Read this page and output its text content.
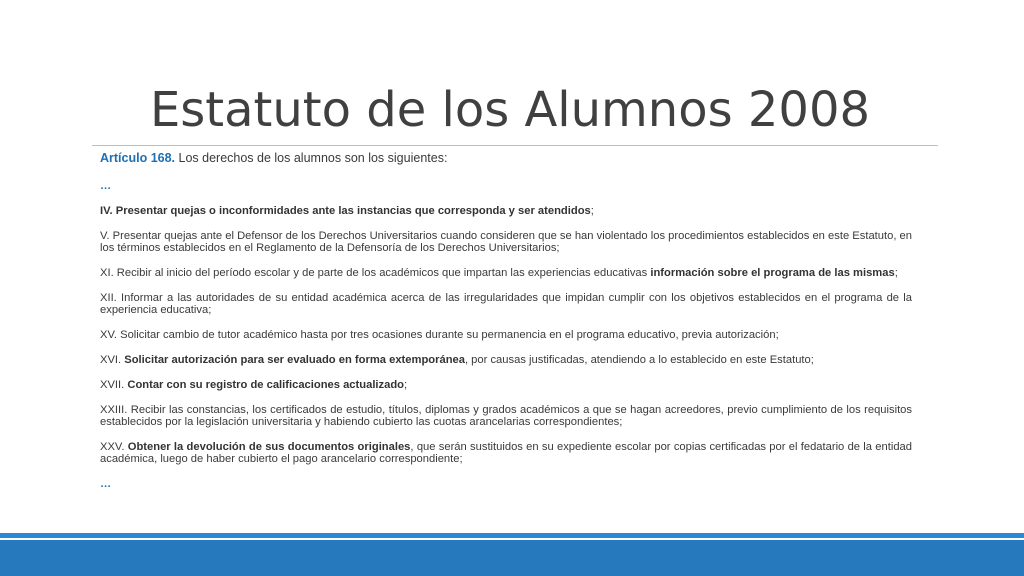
Estatuto de los Alumnos 2008

Artículo 168. Los derechos de los alumnos son los siguientes:

…

IV. Presentar quejas o inconformidades ante las instancias que corresponda y ser atendidos;

V. Presentar quejas ante el Defensor de los Derechos Universitarios cuando consideren que se han violentado los procedimientos establecidos en este Estatuto, en los términos establecidos en el Reglamento de la Defensoría de los Derechos Universitarios;

XI. Recibir al inicio del período escolar y de parte de los académicos que impartan las experiencias educativas información sobre el programa de las mismas;

XII. Informar a las autoridades de su entidad académica acerca de las irregularidades que impidan cumplir con los objetivos establecidos en el programa de la experiencia educativa;

XV. Solicitar cambio de tutor académico hasta por tres ocasiones durante su permanencia en el programa educativo, previa autorización;

XVI. Solicitar autorización para ser evaluado en forma extemporánea, por causas justificadas, atendiendo a lo establecido en este Estatuto;

XVII. Contar con su registro de calificaciones actualizado;

XXIII. Recibir las constancias, los certificados de estudio, títulos, diplomas y grados académicos a que se hagan acreedores, previo cumplimiento de los requisitos establecidos por la legislación universitaria y habiendo cubierto las cuotas arancelarias correspondientes;

XXV. Obtener la devolución de sus documentos originales, que serán sustituidos en su expediente escolar por copias certificadas por el fedatario de la entidad académica, luego de haber cubierto el pago arancelario correspondiente;

…
